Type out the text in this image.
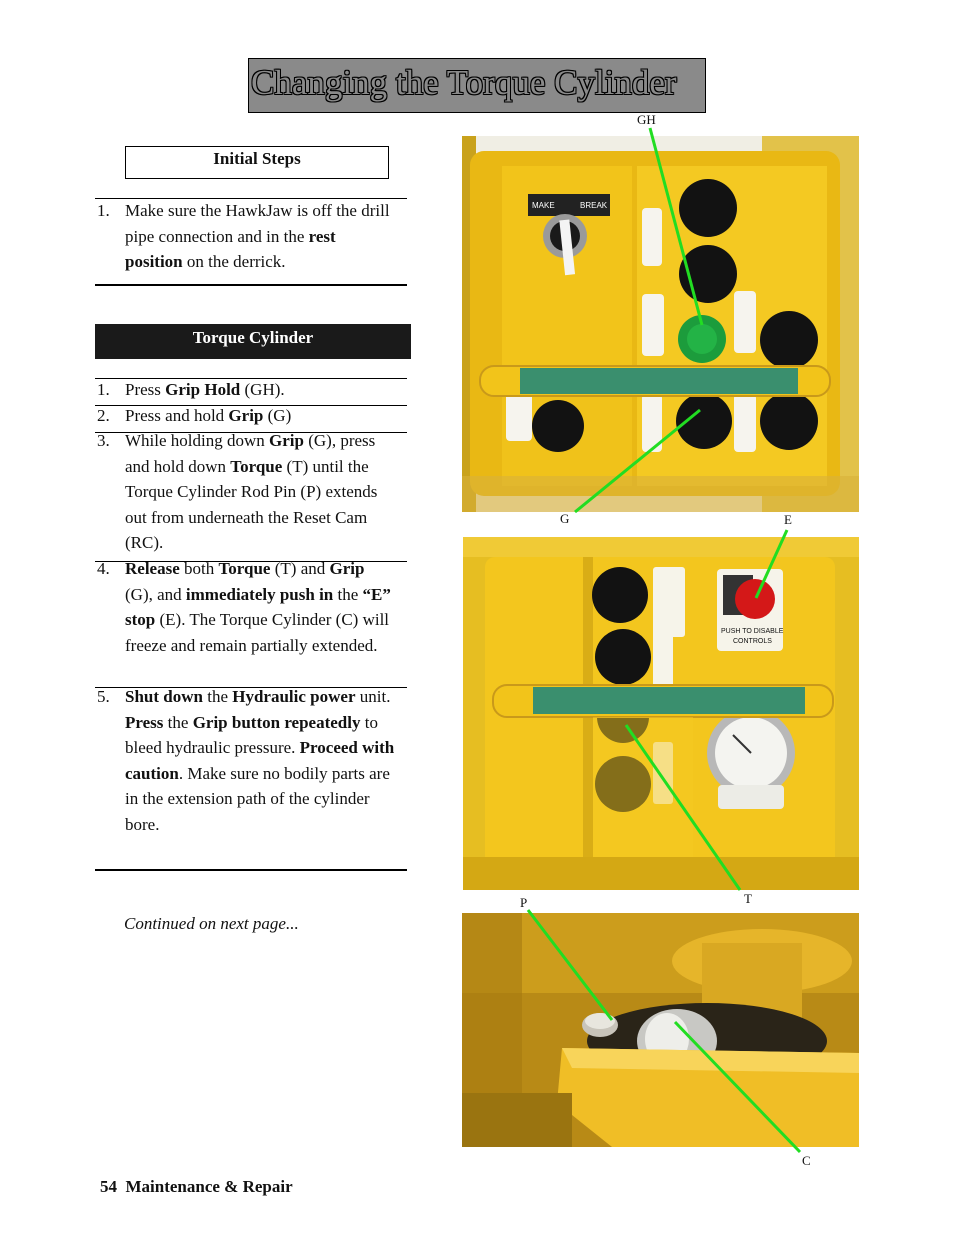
Changing the Torque Cylinder
Initial Steps
1. Make sure the HawkJaw is off the drill pipe connection and in the rest position on the derrick.
Torque Cylinder
1. Press Grip Hold (GH).
2. Press and hold Grip (G)
3. While holding down Grip (G), press and hold down Torque (T) until the Torque Cylinder Rod Pin (P) extends out from underneath the Reset Cam (RC).
4. Release both Torque (T) and Grip (G), and immediately push in the “E” stop (E). The Torque Cylinder (C) will freeze and remain partially extended.
5. Shut down the Hydraulic power unit. Press the Grip button repeatedly to bleed hydraulic pressure. Proceed with caution. Make sure no bodily parts are in the extension path of the cylinder bore.
Continued on next page...
54 Maintenance & Repair
MAKE	BREAK
PUSH TO DISABLE
CONTROLS
GH
G	E
P	T
C
